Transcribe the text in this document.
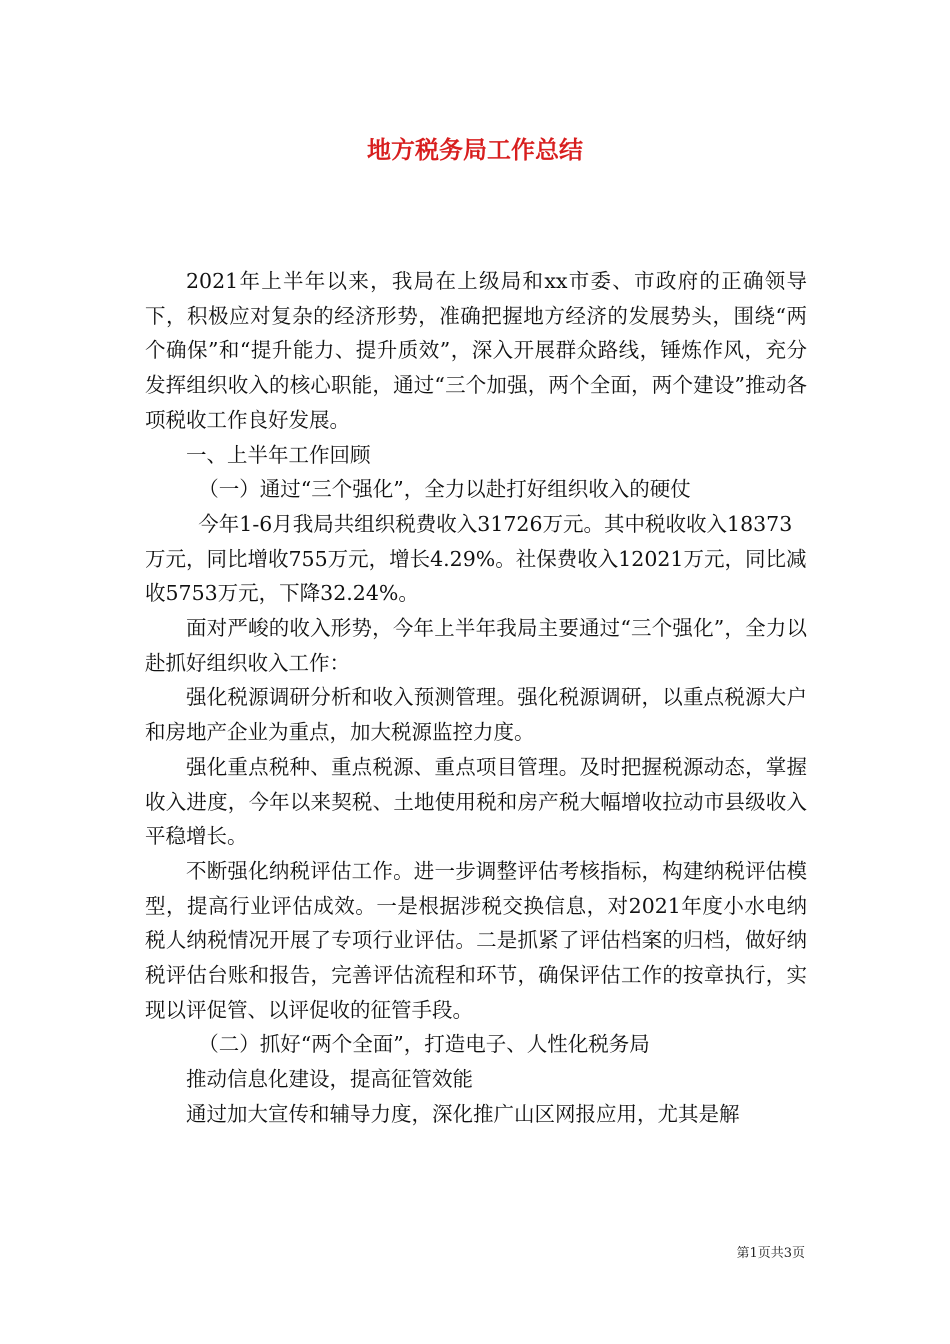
地方税务局工作总结

2021年上半年以来，我局在上级局和xx市委、市政府的正确领导下，积极应对复杂的经济形势，准确把握地方经济的发展势头，围绕“两个确保”和“提升能力、提升质效”，深入开展群众路线，锤炼作风，充分发挥组织收入的核心职能，通过“三个加强，两个全面，两个建设”推动各项税收工作良好发展。

一、上半年工作回顾

（一）通过“三个强化”，全力以赴打好组织收入的硬仗

今年1-6月我局共组织税费收入31726万元。其中税收收入18373万元，同比增收755万元，增长4.29%。社保费收入12021万元，同比减收5753万元，下降32.24%。

面对严峻的收入形势，今年上半年我局主要通过“三个强化”，全力以赴抓好组织收入工作：

强化税源调研分析和收入预测管理。强化税源调研，以重点税源大户和房地产企业为重点，加大税源监控力度。

强化重点税种、重点税源、重点项目管理。及时把握税源动态，掌握收入进度，今年以来契税、土地使用税和房产税大幅增收拉动市县级收入平稳增长。

不断强化纳税评估工作。进一步调整评估考核指标，构建纳税评估模型，提高行业评估成效。一是根据涉税交换信息，对2021年度小水电纳税人纳税情况开展了专项行业评估。二是抓紧了评估档案的归档，做好纳税评估台账和报告，完善评估流程和环节，确保评估工作的按章执行，实现以评促管、以评促收的征管手段。

（二）抓好“两个全面”，打造电子、人性化税务局

推动信息化建设，提高征管效能

通过加大宣传和辅导力度，深化推广山区网报应用，尤其是解

第1页共3页
